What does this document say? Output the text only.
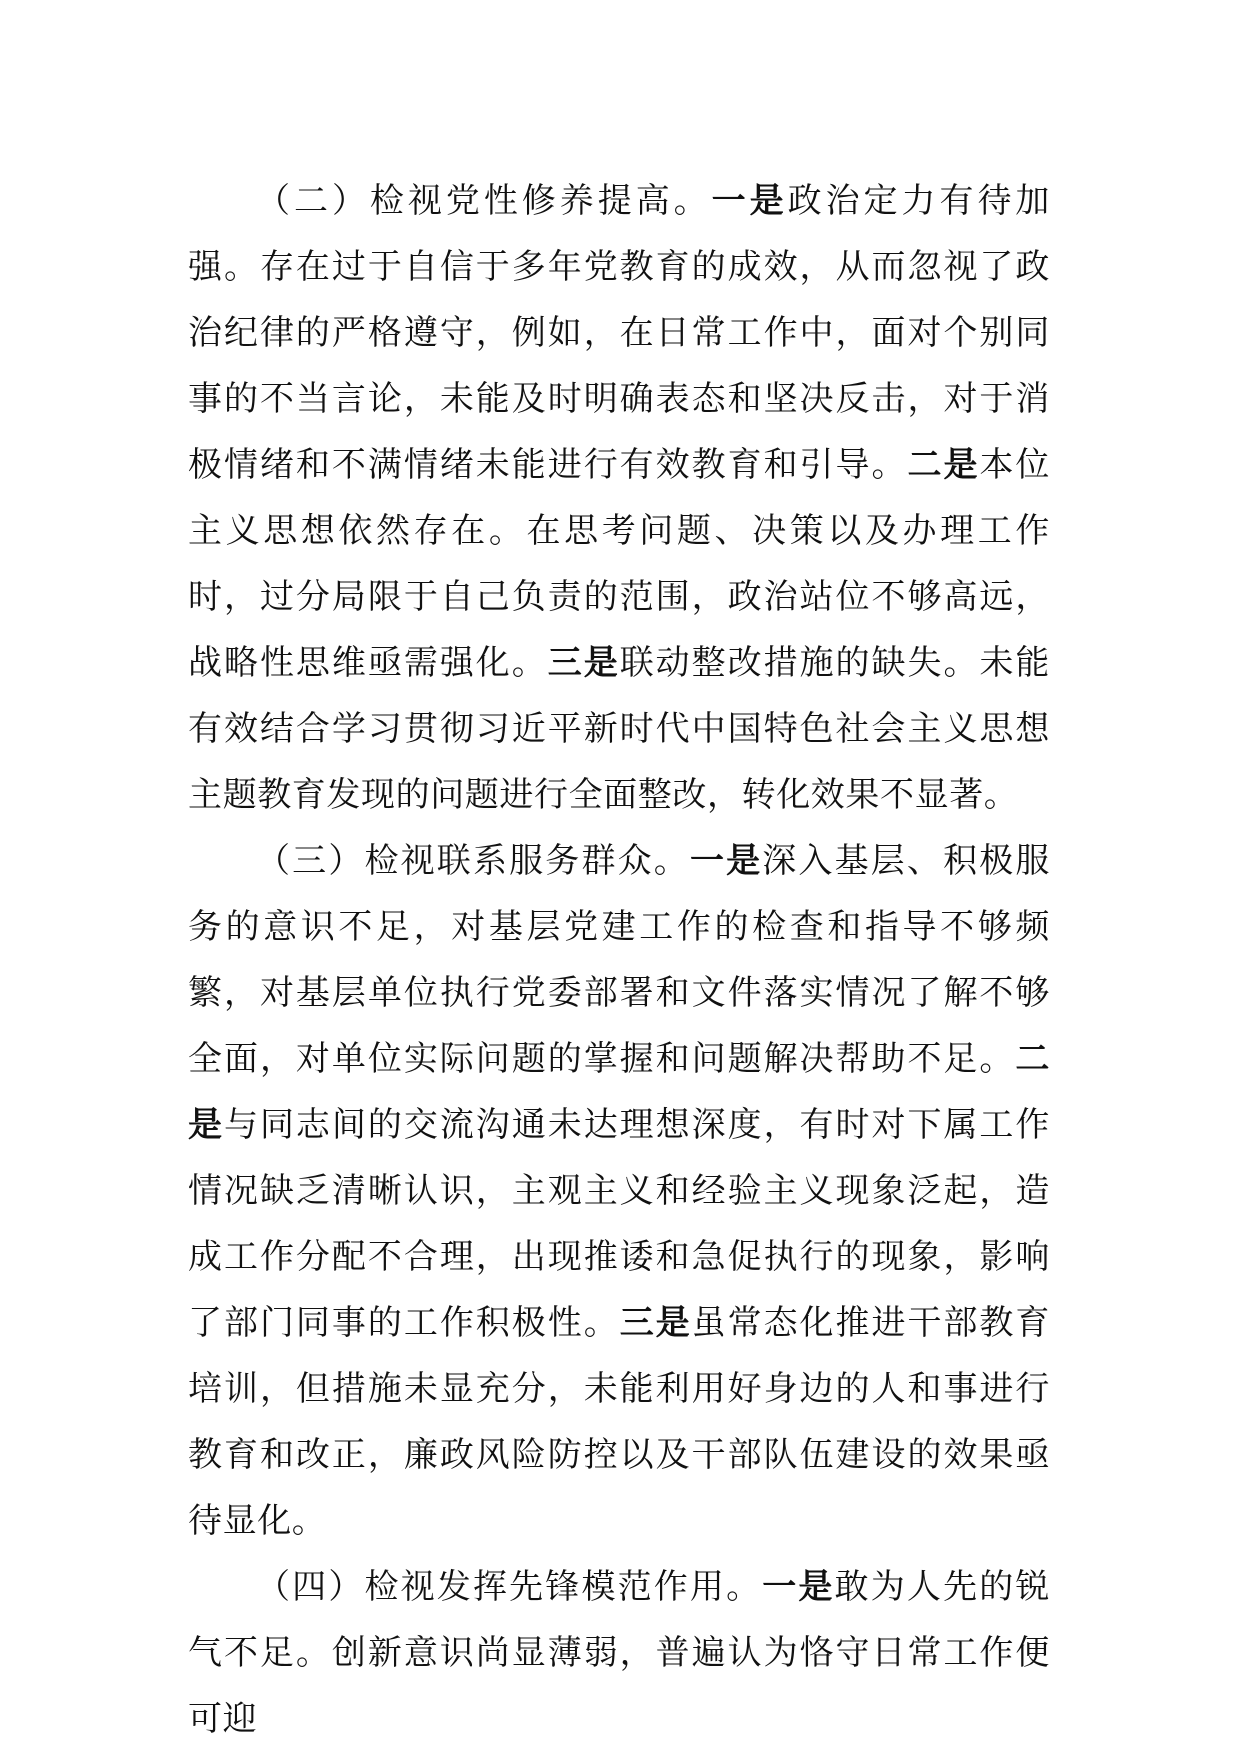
（二）检视党性修养提高。一是政治定力有待加强。存在过于自信于多年党教育的成效，从而忽视了政治纪律的严格遵守，例如，在日常工作中，面对个别同事的不当言论，未能及时明确表态和坚决反击，对于消极情绪和不满情绪未能进行有效教育和引导。二是本位主义思想依然存在。在思考问题、决策以及办理工作时，过分局限于自己负责的范围，政治站位不够高远，战略性思维亟需强化。三是联动整改措施的缺失。未能有效结合学习贯彻习近平新时代中国特色社会主义思想主题教育发现的问题进行全面整改，转化效果不显著。

（三）检视联系服务群众。一是深入基层、积极服务的意识不足，对基层党建工作的检查和指导不够频繁，对基层单位执行党委部署和文件落实情况了解不够全面，对单位实际问题的掌握和问题解决帮助不足。二是与同志间的交流沟通未达理想深度，有时对下属工作情况缺乏清晰认识，主观主义和经验主义现象泛起，造成工作分配不合理，出现推诿和急促执行的现象，影响了部门同事的工作积极性。三是虽常态化推进干部教育培训，但措施未显充分，未能利用好身边的人和事进行教育和改正，廉政风险防控以及干部队伍建设的效果亟待显化。

（四）检视发挥先锋模范作用。一是敢为人先的锐气不足。创新意识尚显薄弱，普遍认为恪守日常工作便可迎
